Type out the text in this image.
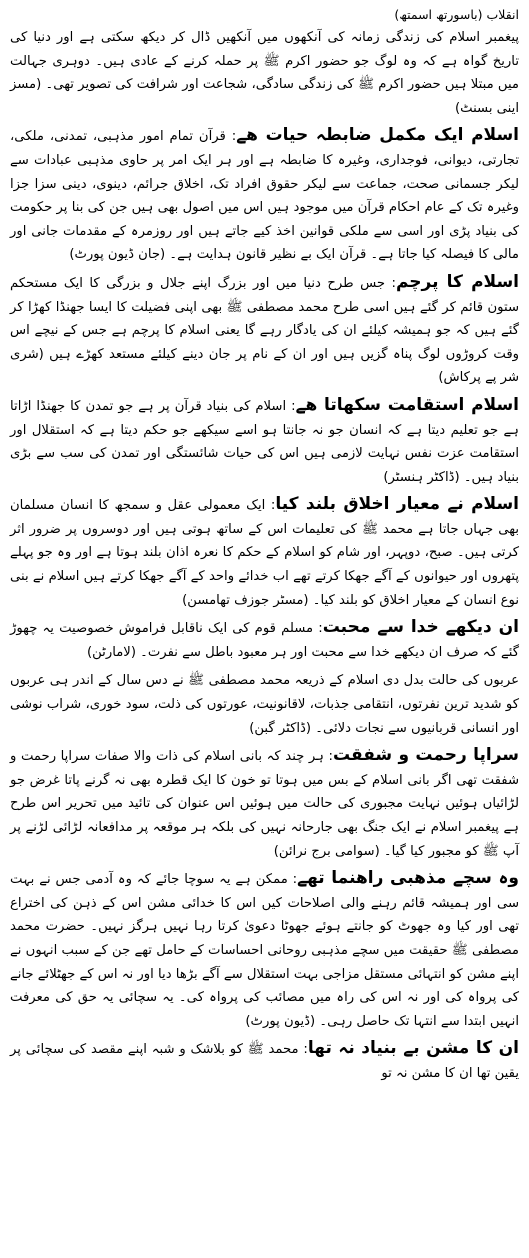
انقلاب (باسورتھ اسمتھ)

پیغمبر اسلام کی زندگی زمانہ کی آنکھوں میں آنکھیں ڈال کر دیکھ سکتی ہے اور دنیا کی تاریخ گواہ ہے کہ وہ لوگ جو حضور اکرم ﷺ پر حملہ کرنے کے عادی ہیں۔ دوہری جہالت میں مبتلا ہیں حضور اکرم ﷺ کی زندگی سادگی، شجاعت اور شرافت کی تصویر تھی۔ (مسز اینی بسنٹ)

اسلام ایک مکمل ضابطہ حیات ھے: قرآن تمام امور مذہبی، تمدنی، ملکی، تجارتی، دیوانی، فوجداری، وغیرہ کا ضابطہ ہے اور ہر ایک امر پر حاوی مذہبی عبادات سے لیکر جسمانی صحت، جماعت سے لیکر حقوق افراد تک، اخلاق جرائم، دینوی، دینی سزا جزا وغیرہ تک کے عام احکام قرآن میں موجود ہیں اس میں اصول بھی ہیں جن کی بنا پر حکومت کی بنیاد پڑی اور اسی سے ملکی قوانین اخذ کیے جاتے ہیں اور روزمرہ کے مقدمات جانی اور مالی کا فیصلہ کیا جاتا ہے۔ قرآن ایک بے نظیر قانون ہدایت ہے۔ (جان ڈیون پورٹ)

اسلام کا پرچم: جس طرح دنیا میں اور بزرگ اپنے جلال و بزرگی کا ایک مستحکم ستون قائم کر گئے ہیں اسی طرح محمد مصطفی ﷺ بھی اپنی فضیلت کا ایسا جھنڈا کھڑا کر گئے ہیں کہ جو ہمیشہ کیلئے ان کی یادگار رہے گا یعنی اسلام کا پرچم ہے جس کے نیچے اس وقت کروڑوں لوگ پناہ گزیں ہیں اور ان کے نام پر جان دینے کیلئے مستعد کھڑے ہیں (شری شر پے پرکاش)

اسلام استقامت سکھاتا ھے: اسلام کی بنیاد قرآن پر ہے جو تمدن کا جھنڈا اڑاتا ہے جو تعلیم دیتا ہے کہ انسان جو نہ جانتا ہو اسے سیکھے جو حکم دیتا ہے کہ استقلال اور استقامت عزت نفس نہایت لازمی ہیں اس کی حیات شائستگی اور تمدن کی سب سے بڑی بنیاد ہیں۔ (ڈاکٹر ہنسٹر)

اسلام نے معیار اخلاق بلند کیا: ایک معمولی عقل و سمجھ کا انسان مسلمان بھی جہاں جاتا ہے محمد ﷺ کی تعلیمات اس کے ساتھ ہوتی ہیں اور دوسروں پر ضرور اثر کرتی ہیں۔ صبح، دوپہر، اور شام کو اسلام کے حکم کا نعرہ اذان بلند ہوتا ہے اور وہ جو پہلے پتھروں اور حیوانوں کے آگے جھکا کرتے تھے اب خدائے واحد کے آگے جھکا کرتے ہیں اسلام نے بنی نوع انسان کے معیار اخلاق کو بلند کیا۔ (مسٹر جوزف تھامسن)

ان دیکھے خدا سے محبت: مسلم قوم کی ایک ناقابل فراموش خصوصیت یہ چھوڑ گئے کہ صرف ان دیکھے خدا سے محبت اور ہر معبود باطل سے نفرت۔ (لامارٹن)

عربوں کی حالت بدل دی اسلام کے ذریعہ محمد مصطفی ﷺ نے دس سال کے اندر ہی عربوں کو شدید ترین نفرتوں، انتقامی جذبات، لاقانونیت، عورتوں کی ذلت، سود خوری، شراب نوشی اور انسانی قربانیوں سے نجات دلائی۔ (ڈاکٹر گبن)

سراپا رحمت و شفقت: ہر چند کہ بانی اسلام کی ذات والا صفات سراپا رحمت و شفقت تھی اگر بانی اسلام کے بس میں ہوتا تو خون کا ایک قطرہ بھی نہ گرنے پاتا غرض جو لڑائیاں ہوئیں نہایت مجبوری کی حالت میں ہوئیں اس عنوان کی تائید میں تحریر اس طرح ہے پیغمبر اسلام نے ایک جنگ بھی جارحانہ نہیں کی بلکہ ہر موقعہ پر مدافعانہ لڑائی لڑنے پر آپ ﷺ کو مجبور کیا گیا۔ (سوامی برج نرائن)

وہ سچے مذھبی راھنما تھے: ممکن ہے یہ سوچا جائے کہ وہ آدمی جس نے بہت سی اور ہمیشہ قائم رہنے والی اصلاحات کیں اس کا خدائی مشن اس کے ذہن کی اختراع تھی اور کیا وہ جھوٹ کو جانتے ہوئے جھوٹا دعویٰ کرتا رہا نہیں ہرگز نہیں۔ حضرت محمد مصطفی ﷺ حقیقت میں سچے مذہبی روحانی احساسات کے حامل تھے جن کے سبب انہوں نے اپنے مشن کو انتہائی مستقل مزاجی بہت استقلال سے آگے بڑھا دیا اور نہ اس کے جھٹلائے جانے کی پرواہ کی اور نہ اس کی راہ میں مصائب کی پرواہ کی۔ یہ سچائی یہ حق کی معرفت انہیں ابتدا سے انتہا تک حاصل رہی۔ (ڈیون پورٹ)

ان کا مشن بے بنیاد نہ تھا: محمد ﷺ کو بلاشک و شبہ اپنے مقصد کی سچائی پر یقین تھا ان کا مشن نہ تو
